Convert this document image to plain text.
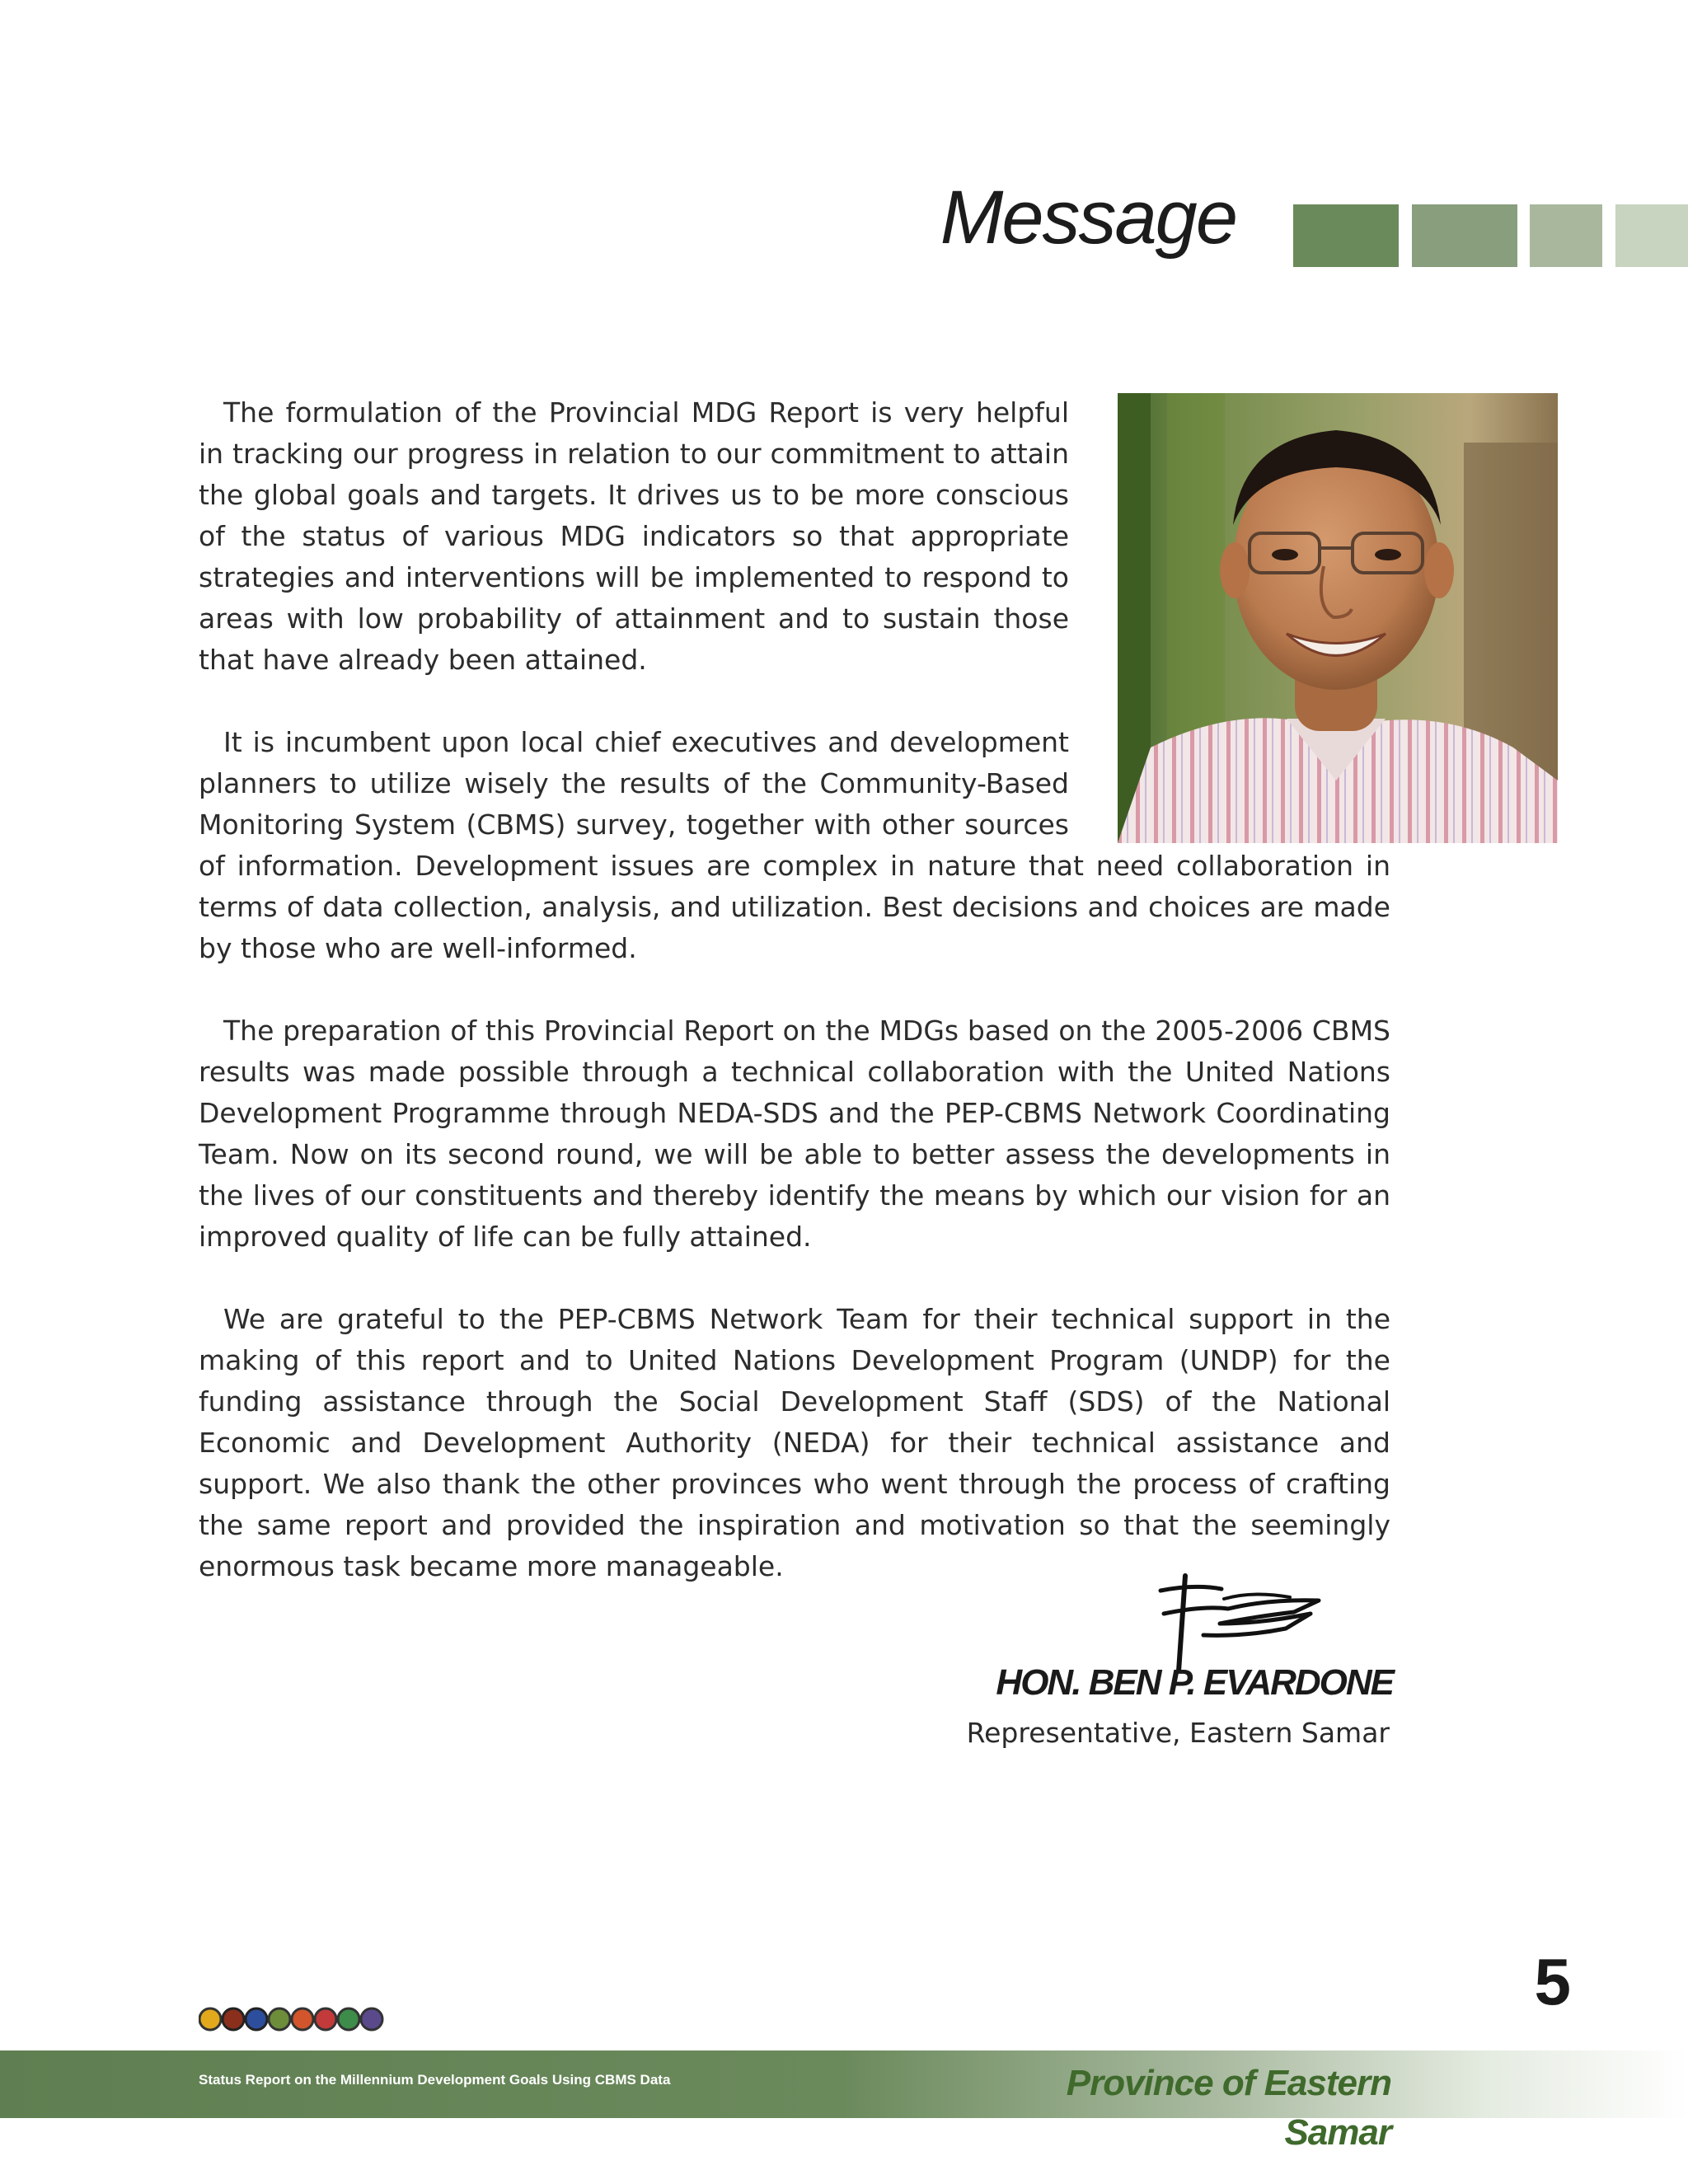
Message

The formulation of the Provincial MDG Report is very helpful in tracking our progress in relation to our commitment to attain the global goals and targets. It drives us to be more conscious of the status of various MDG indicators so that appropriate strategies and interventions will be implemented to respond to areas with low probability of attainment and to sustain those that have already been attained.

It is incumbent upon local chief executives and development planners to utilize wisely the results of the Community-Based Monitoring System (CBMS) survey, together with other sources of information. Development issues are complex in nature that need collaboration in terms of data collection, analysis, and utilization. Best decisions and choices are made by those who are well-informed.

The preparation of this Provincial Report on the MDGs based on the 2005-2006 CBMS results was made possible through a technical collaboration with the United Nations Development Programme through NEDA-SDS and the PEP-CBMS Network Coordinating Team. Now on its second round, we will be able to better assess the developments in the lives of our constituents and thereby identify the means by which our vision for an improved quality of life can be fully attained.

We are grateful to the PEP-CBMS Network Team for their technical support in the making of this report and to United Nations Development Program (UNDP) for the funding assistance through the Social Development Staff (SDS) of the National Economic and Development Authority (NEDA) for their technical assistance and support. We also thank the other provinces who went through the process of crafting the same report and provided the inspiration and motivation so that the seemingly enormous task became more manageable.

HON. BEN P. EVARDONE
Representative, Eastern Samar
5
Status Report on the Millennium Development Goals Using CBMS Data	Province of Eastern Samar
